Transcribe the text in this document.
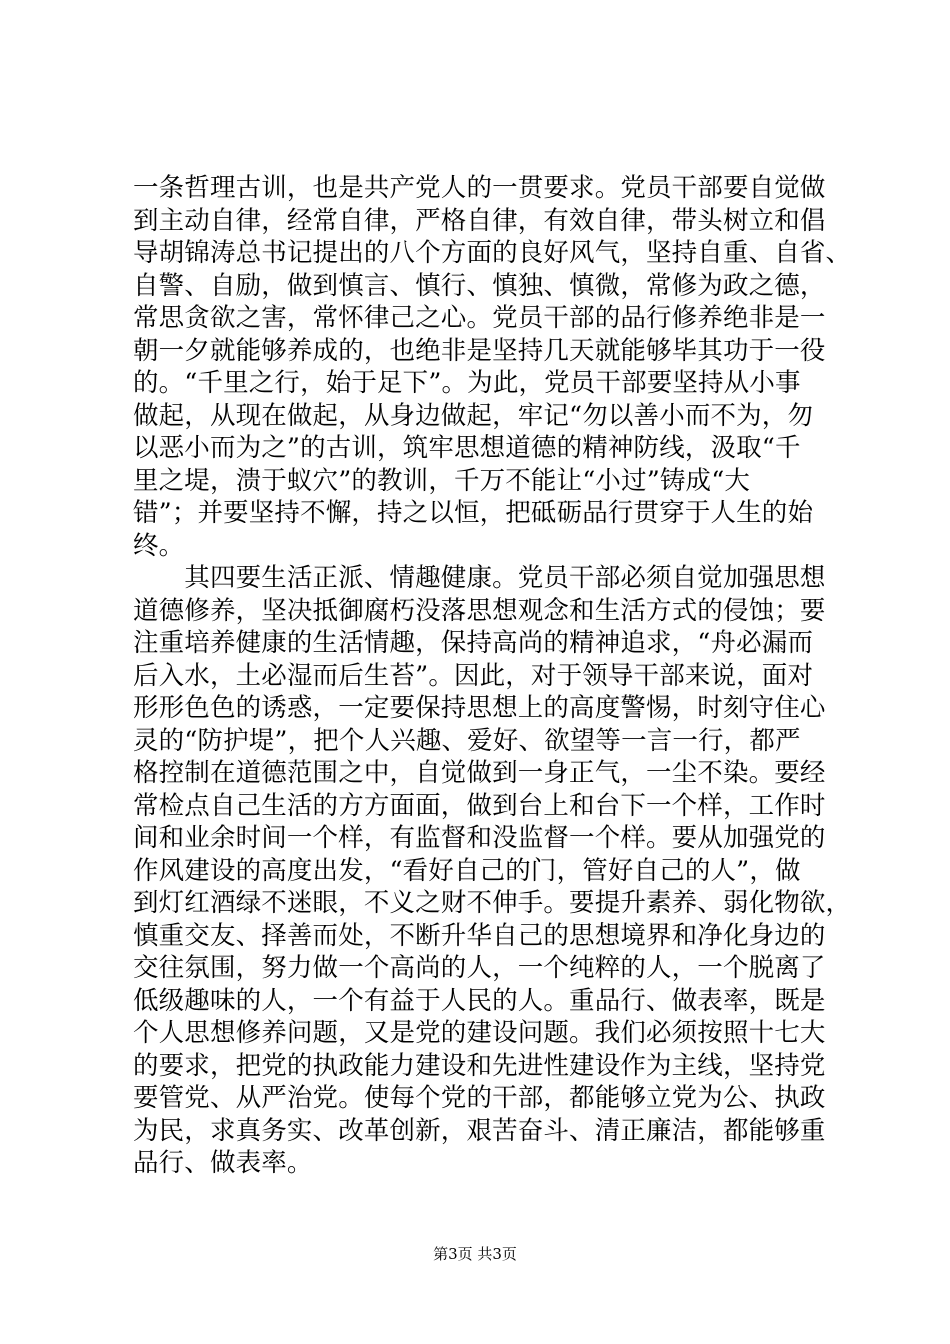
一条哲理古训，也是共产党人的一贯要求。党员干部要自觉做
到主动自律，经常自律，严格自律，有效自律，带头树立和倡
导胡锦涛总书记提出的八个方面的良好风气，坚持自重、自省、
自警、自励，做到慎言、慎行、慎独、慎微，常修为政之德，
常思贪欲之害，常怀律己之心。党员干部的品行修养绝非是一
朝一夕就能够养成的，也绝非是坚持几天就能够毕其功于一役
的。“千里之行，始于足下”。为此，党员干部要坚持从小事
做起，从现在做起，从身边做起，牢记“勿以善小而不为，勿
以恶小而为之”的古训，筑牢思想道德的精神防线，汲取“千
里之堤，溃于蚁穴”的教训，千万不能让“小过”铸成“大
错”；并要坚持不懈，持之以恒，把砥砺品行贯穿于人生的始
终。
　　其四要生活正派、情趣健康。党员干部必须自觉加强思想
道德修养，坚决抵御腐朽没落思想观念和生活方式的侵蚀；要
注重培养健康的生活情趣，保持高尚的精神追求，“舟必漏而
后入水，土必湿而后生苔”。因此，对于领导干部来说，面对
形形色色的诱惑，一定要保持思想上的高度警惕，时刻守住心
灵的“防护堤”，把个人兴趣、爱好、欲望等一言一行，都严
格控制在道德范围之中，自觉做到一身正气，一尘不染。要经
常检点自己生活的方方面面，做到台上和台下一个样，工作时
间和业余时间一个样，有监督和没监督一个样。要从加强党的
作风建设的高度出发，“看好自己的门，管好自己的人”，做
到灯红酒绿不迷眼，不义之财不伸手。要提升素养、弱化物欲，
慎重交友、择善而处，不断升华自己的思想境界和净化身边的
交往氛围，努力做一个高尚的人，一个纯粹的人，一个脱离了
低级趣味的人，一个有益于人民的人。重品行、做表率，既是
个人思想修养问题，又是党的建设问题。我们必须按照十七大
的要求，把党的执政能力建设和先进性建设作为主线，坚持党
要管党、从严治党。使每个党的干部，都能够立党为公、执政
为民，求真务实、改革创新，艰苦奋斗、清正廉洁，都能够重
品行、做表率。
第3页 共3页
